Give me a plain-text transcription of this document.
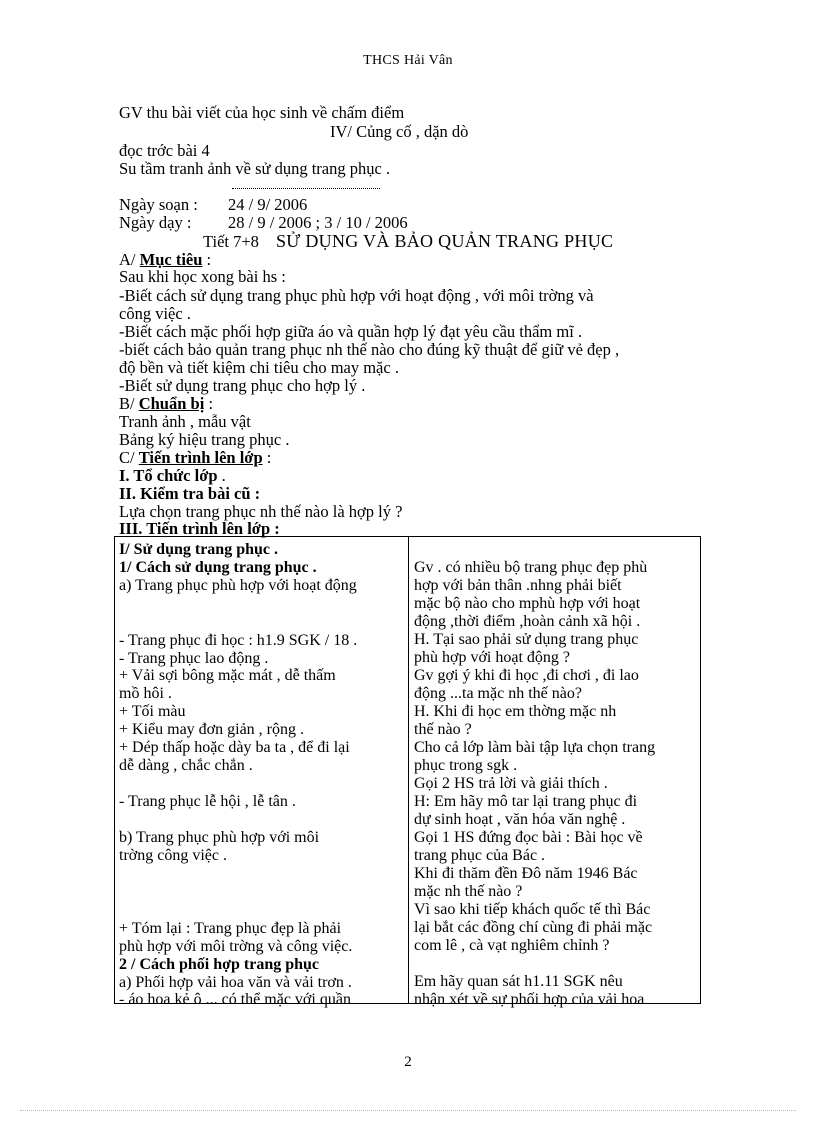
THCS Hải Vân
GV thu bài viết của học sinh về chấm điểm
IV/ Củng cố , dặn dò
đọc trớc bài 4
Su tầm tranh ảnh về sử dụng trang phục .
Ngày soạn : 24 / 9/ 2006
Ngày dạy : 28 / 9 / 2006 ; 3 / 10 / 2006
Tiết 7+8 SỬ DỤNG VÀ BẢO QUẢN TRANG PHỤC
A/ Mục tiêu :
Sau khi học xong bài hs :
-Biết cách sử dụng trang phục phù hợp với hoạt động , với môi trờng và
công việc .
-Biết cách mặc phối hợp giữa áo và quần hợp lý đạt yêu cầu thẩm mĩ .
-biết cách bảo quản trang phục nh thế nào cho đúng kỹ thuật để giữ vẻ đẹp ,
độ bền và tiết kiệm chi tiêu cho may mặc .
-Biết sử dụng trang phục cho hợp lý .
B/ Chuẩn bị :
Tranh ảnh , mẫu vật
Bảng ký hiệu trang phục .
C/ Tiến trình lên lớp :
I. Tổ chức lớp .
II. Kiểm tra bài cũ :
Lựa chọn trang phục nh thế nào là hợp lý ?
III. Tiến trình lên lớp :
I/ Sử dụng trang phục .
1/ Cách sử dụng trang phục .
a) Trang phục phù hợp với hoạt động
- Trang phục đi học : h1.9 SGK / 18 .
- Trang phục lao động .
+ Vải sợi bông mặc mát , dễ thấm
mồ hôi .
+ Tối màu
+ Kiểu may đơn giản , rộng .
+ Dép thấp hoặc dày ba ta , để đi lại
dễ dàng , chắc chắn .
- Trang phục lễ hội , lễ tân .
b) Trang phục phù hợp với môi
trờng công việc .
+ Tóm lại : Trang phục đẹp là phải
phù hợp với môi trờng và công việc.
2 / Cách phối hợp trang phục
a) Phối hợp vải hoa văn và vải trơn .
- áo hoa kẻ ô ... có thể mặc với quần
Gv . có nhiều bộ trang phục đẹp phù
hợp với bản thân .nhng phải biết
mặc bộ nào cho mphù hợp với hoạt
động ,thời điểm ,hoàn cảnh xã hội .
H. Tại sao phải sử dụng trang phục
phù hợp với hoạt động ?
Gv gợi ý khi đi học ,đi chơi , đi lao
động ...ta mặc nh thế nào?
H. Khi đi học em thờng mặc nh
thế nào ?
Cho cả lớp làm bài tập lựa chọn trang
phục trong sgk .
Gọi 2 HS trả lời và giải thích .
H: Em hãy mô tar lại trang phục đi
dự sinh hoạt , văn hóa văn nghệ .
Gọi 1 HS đứng đọc bài : Bài học về
trang phục của Bác .
Khi đi thăm đền Đô năm 1946 Bác
mặc nh thế nào ?
Vì sao khi tiếp khách quốc tế thì Bác
lại bắt các đồng chí cùng đi phải mặc
com lê , cà vạt nghiêm chỉnh ?
Em hãy quan sát h1.11 SGK nêu
nhận xét về sự phối hợp của vải hoa
2
